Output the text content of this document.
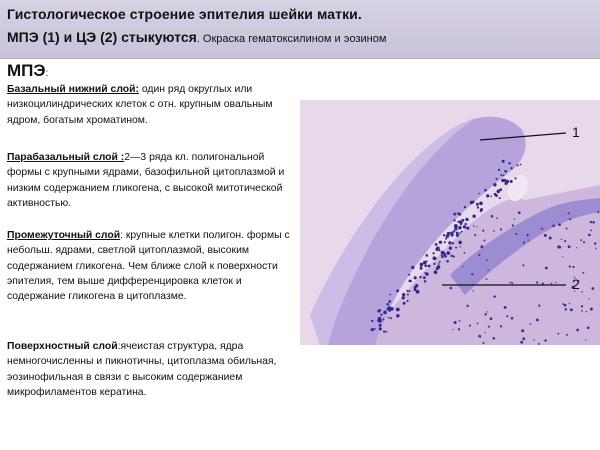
Гистологическое строение эпителия шейки матки.
МПЭ (1) и ЦЭ (2) стыкуются. Окраска гематоксилином и эозином
МПЭ:
Базальный нижний слой: один ряд округлых или низкоцилиндрических клеток с отн. крупным овальным ядром, богатым хроматином.
Парабазальный слой :2—3 ряда кл. полигональной формы с крупными ядрами, базофильной цитоплазмой и низким содержанием гликогена, с высокой митотической активностью.
Промежуточный слой: крупные клетки полигон. формы с небольш. ядрами, светлой цитоплазмой, высоким содержанием гликогена. Чем ближе слой к поверхности эпителия, тем выше дифференцировка клеток и содержание гликогена в цитоплазме.
Поверхностный слой:ячеистая структура, ядра немногочисленны и пикнотичны, цитоплазма обильная, эозинофильная в связи с высоким содержанием микрофиламентов кератина.
1
2
